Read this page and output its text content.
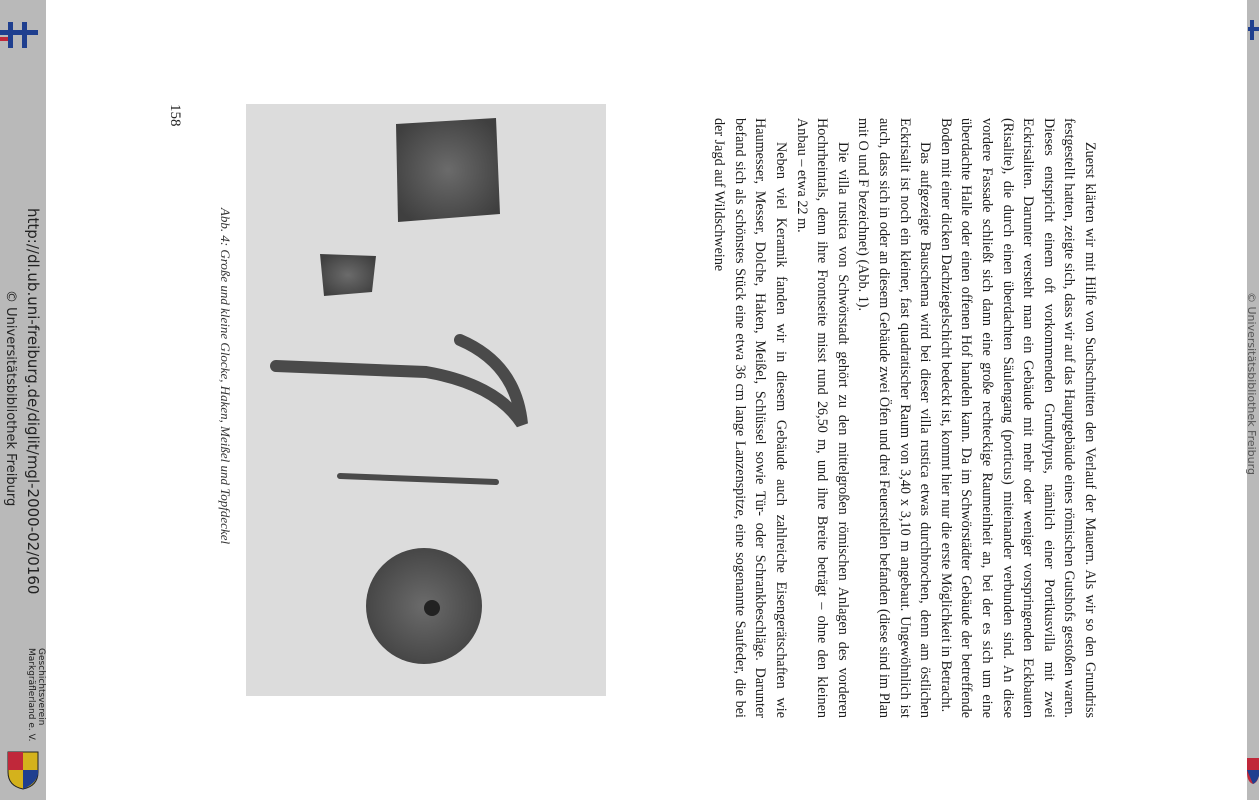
158
http://dl.ub.uni-freiburg.de/diglit/mgl-2000-02/0160
© Universitätsbibliothek Freiburg
Geschichtsverein
Markgräflerland e. V.
© Universitätsbibliothek Freiburg

Zuerst klärten wir mit Hilfe von Suchschnitten den Verlauf der Mauern. Als wir so den Grundriss festgestellt hatten, zeigte sich, dass wir auf das Hauptgebäude eines römischen Gutshofs gestoßen waren. Dieses entspricht einem oft vorkommenden Grundtypus, nämlich einer Portikusvilla mit zwei Eckrisaliten. Darunter versteht man ein Gebäude mit mehr oder weniger vorspringenden Eckbauten (Risalite), die durch einen überdachten Säulengang (porticus) miteinander verbunden sind. An diese vordere Fassade schließt sich dann eine große rechteckige Raumeinheit an, bei der es sich um eine überdachte Halle oder einen offenen Hof handeln kann. Da im Schwörstädter Gebäude der betreffende Boden mit einer dicken Dachziegelschicht bedeckt ist, kommt hier nur die erste Möglichkeit in Betracht.

Das aufgezeigte Bauschema wird bei dieser villa rustica etwas durchbrochen, denn am östlichen Eckrisalit ist noch ein kleiner, fast quadratischer Raum von 3,40 x 3,10 m angebaut. Ungewöhnlich ist auch, dass sich in oder an diesem Gebäude zwei Öfen und drei Feuerstellen befanden (diese sind im Plan mit O und F bezeichnet) (Abb. 1).

Die villa rustica von Schwörstadt gehört zu den mittelgroßen römischen Anlagen des vorderen Hochrheintals, denn ihre Frontseite misst rund 26,50 m, und ihre Breite beträgt – ohne den kleinen Anbau – etwa 22 m.

Neben viel Keramik fanden wir in diesem Gebäude auch zahlreiche Eisengerätschaften wie Haumesser, Messer, Dolche, Haken, Meißel, Schlüssel sowie Tür- oder Schrankbeschläge. Darunter befand sich als schönstes Stück eine etwa 36 cm lange Lanzenspitze, eine sogenannte Saufeder, die bei der Jagd auf Wildschweine

Abb. 4: Große und kleine Glocke, Haken, Meißel und Topfdeckel
